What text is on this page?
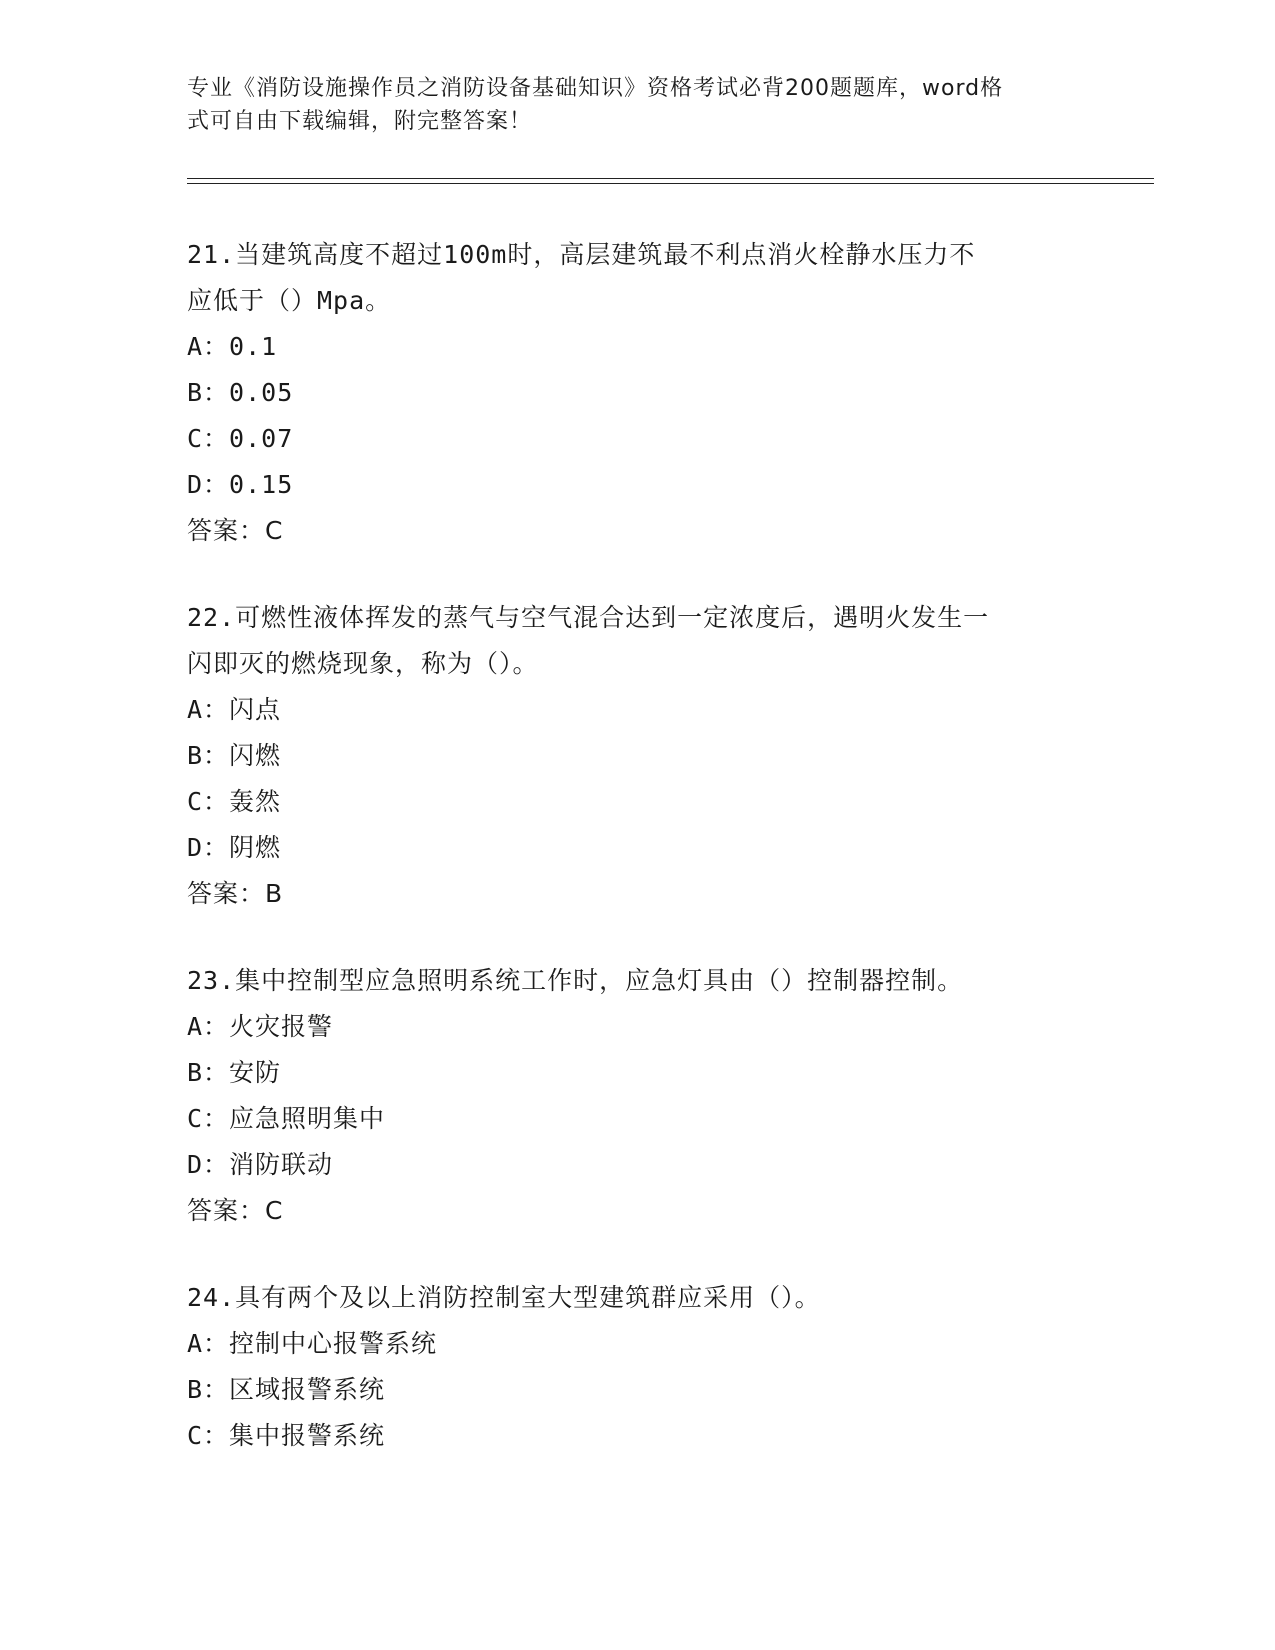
专业《消防设施操作员之消防设备基础知识》资格考试必背200题题库，word格
式可自由下载编辑，附完整答案！
21.当建筑高度不超过100m时，高层建筑最不利点消火栓静水压力不
应低于（）Mpa。
A：0.1
B：0.05
C：0.07
D：0.15
答案：C
22.可燃性液体挥发的蒸气与空气混合达到一定浓度后，遇明火发生一
闪即灭的燃烧现象，称为（）。
A：闪点
B：闪燃
C：轰然
D：阴燃
答案：B
23.集中控制型应急照明系统工作时，应急灯具由（）控制器控制。
A：火灾报警
B：安防
C：应急照明集中
D：消防联动
答案：C
24.具有两个及以上消防控制室大型建筑群应采用（）。
A：控制中心报警系统
B：区域报警系统
C：集中报警系统
